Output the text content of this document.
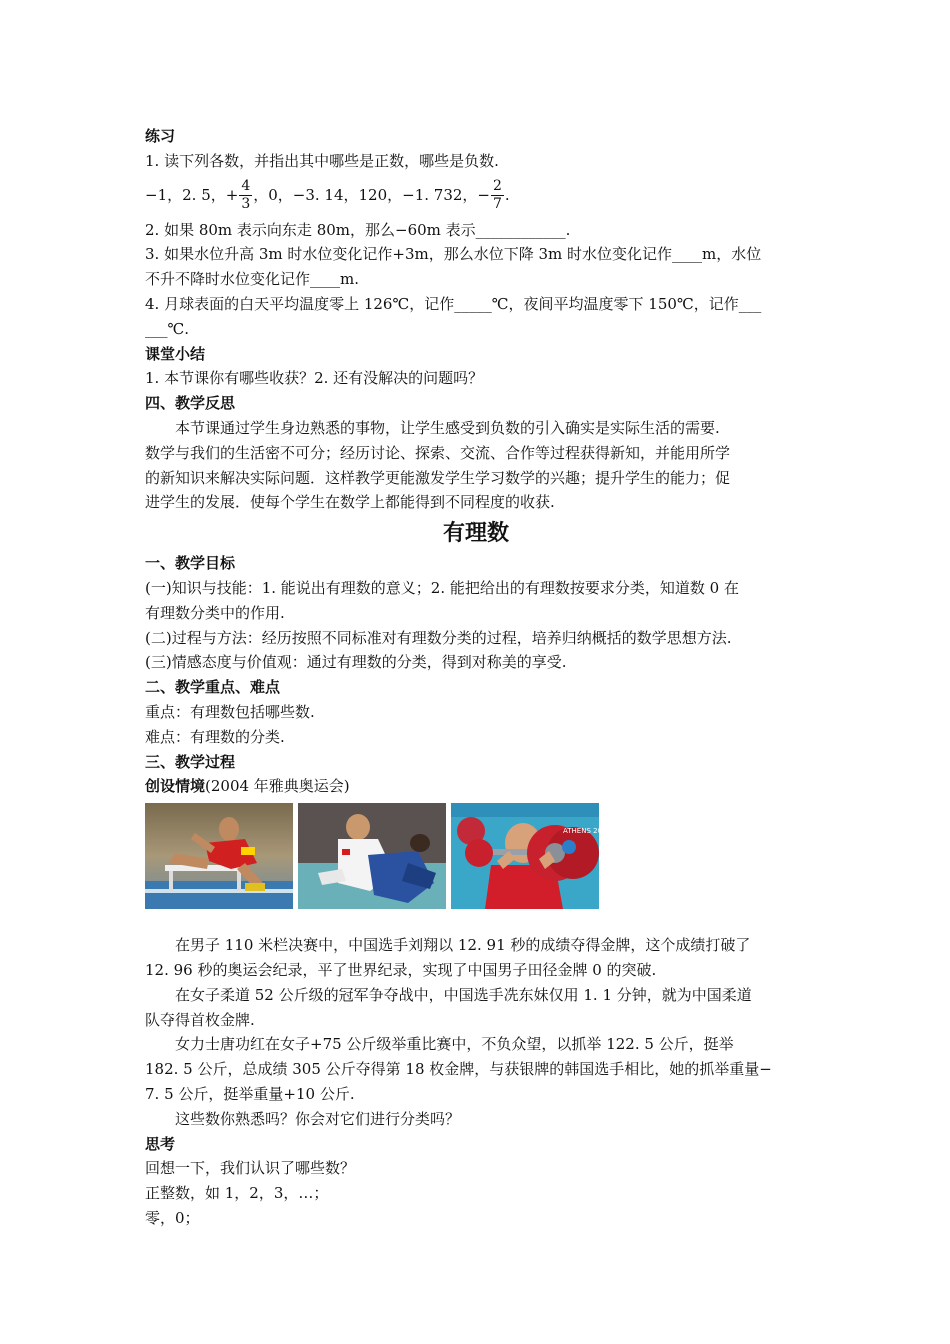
练习
1. 读下列各数，并指出其中哪些是正数，哪些是负数.
−1，2. 5，+ $\frac{4}{3}$ ，0，−3. 14，120，−1. 732，− $\frac{2}{7}$ .
2. 如果 80m 表示向东走 80m，那么−60m 表示____________.
3. 如果水位升高 3m 时水位变化记作+3m，那么水位下降 3m 时水位变化记作____m，水位
不升不降时水位变化记作____m.
4. 月球表面的白天平均温度零上 126℃，记作_____℃，夜间平均温度零下 150℃，记作___
___℃.
课堂小结
1. 本节课你有哪些收获？2. 还有没解决的问题吗？
四、教学反思
本节课通过学生身边熟悉的事物，让学生感受到负数的引入确实是实际生活的需要.
数学与我们的生活密不可分；经历讨论、探索、交流、合作等过程获得新知，并能用所学
的新知识来解决实际问题．这样教学更能激发学生学习数学的兴趣；提升学生的能力；促
进学生的发展．使每个学生在数学上都能得到不同程度的收获.
有理数
一、教学目标
(一)知识与技能：1. 能说出有理数的意义；2. 能把给出的有理数按要求分类，知道数 0 在
有理数分类中的作用.
(二)过程与方法：经历按照不同标准对有理数分类的过程，培养归纳概括的数学思想方法.
(三)情感态度与价值观：通过有理数的分类，得到对称美的享受.
二、教学重点、难点
重点：有理数包括哪些数.
难点：有理数的分类.
三、教学过程
创设情境(2004 年雅典奥运会)
ATHENS 2004
在男子 110 米栏决赛中，中国选手刘翔以 12. 91 秒的成绩夺得金牌，这个成绩打破了
12. 96 秒的奥运会纪录，平了世界纪录，实现了中国男子田径金牌 0 的突破.
在女子柔道 52 公斤级的冠军争夺战中，中国选手冼东妹仅用 1. 1 分钟，就为中国柔道
队夺得首枚金牌.
女力士唐功红在女子+75 公斤级举重比赛中，不负众望，以抓举 122. 5 公斤，挺举
182. 5 公斤，总成绩 305 公斤夺得第 18 枚金牌，与获银牌的韩国选手相比，她的抓举重量−
7. 5 公斤，挺举重量+10 公斤.
这些数你熟悉吗？你会对它们进行分类吗？
思考
回想一下，我们认识了哪些数？
正整数，如 1，2，3，…；
零，0；
